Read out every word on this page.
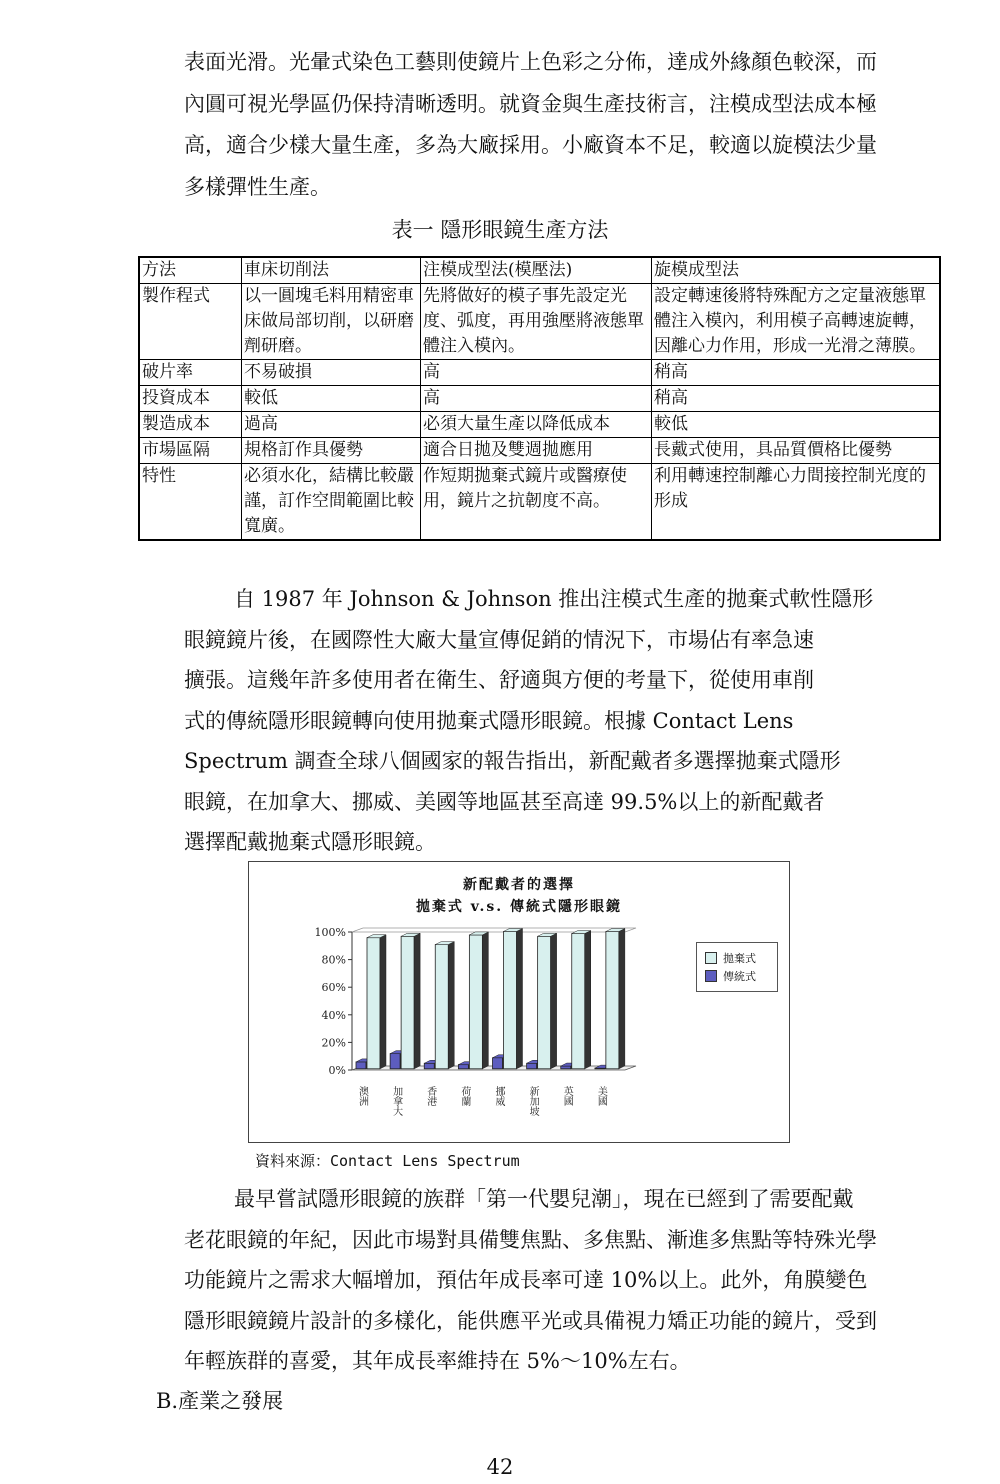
表面光滑。光暈式染色工藝則使鏡片上色彩之分佈，達成外緣顏色較深，而
內圓可視光學區仍保持清晰透明。就資金與生產技術言，注模成型法成本極
高，適合少樣大量生產，多為大廠採用。小廠資本不足，較適以旋模法少量
多樣彈性生產。
表一 隱形眼鏡生產方法
方法	車床切削法	注模成型法(模壓法)	旋模成型法
製作程式	以一圓塊毛料用精密車床做局部切削，以研磨劑研磨。	先將做好的模子事先設定光度、弧度，再用強壓將液態單體注入模內。	設定轉速後將特殊配方之定量液態單體注入模內，利用模子高轉速旋轉，因離心力作用，形成一光滑之薄膜。
破片率	不易破損	高	稍高
投資成本	較低	高	稍高
製造成本	過高	必須大量生產以降低成本	較低
市場區隔	規格訂作具優勢	適合日拋及雙週拋應用	長戴式使用，具品質價格比優勢
特性	必須水化，結構比較嚴謹，訂作空間範圍比較寬廣。	作短期拋棄式鏡片或醫療使用，鏡片之抗韌度不高。	利用轉速控制離心力間接控制光度的形成
自 1987 年 Johnson & Johnson 推出注模式生產的拋棄式軟性隱形
眼鏡鏡片後，在國際性大廠大量宣傳促銷的情況下，市場佔有率急速
擴張。這幾年許多使用者在衛生、舒適與方便的考量下，從使用車削
式的傳統隱形眼鏡轉向使用拋棄式隱形眼鏡。根據 Contact Lens
Spectrum 調查全球八個國家的報告指出，新配戴者多選擇拋棄式隱形
眼鏡，在加拿大、挪威、美國等地區甚至高達 99.5%以上的新配戴者
選擇配戴拋棄式隱形眼鏡。
新配戴者的選擇
拋棄式 v.s. 傳統式隱形眼鏡
100%
80%
60%
40%
20%
0%
澳洲 加拿大 香港 荷蘭 挪威 新加坡 英國 美國
拋棄式
傳統式
資料來源：Contact Lens Spectrum
最早嘗試隱形眼鏡的族群「第一代嬰兒潮」，現在已經到了需要配戴
老花眼鏡的年紀，因此市場對具備雙焦點、多焦點、漸進多焦點等特殊光學
功能鏡片之需求大幅增加，預估年成長率可達 10%以上。此外，角膜變色
隱形眼鏡鏡片設計的多樣化，能供應平光或具備視力矯正功能的鏡片，受到
年輕族群的喜愛，其年成長率維持在 5%～10%左右。
B.產業之發展
42
